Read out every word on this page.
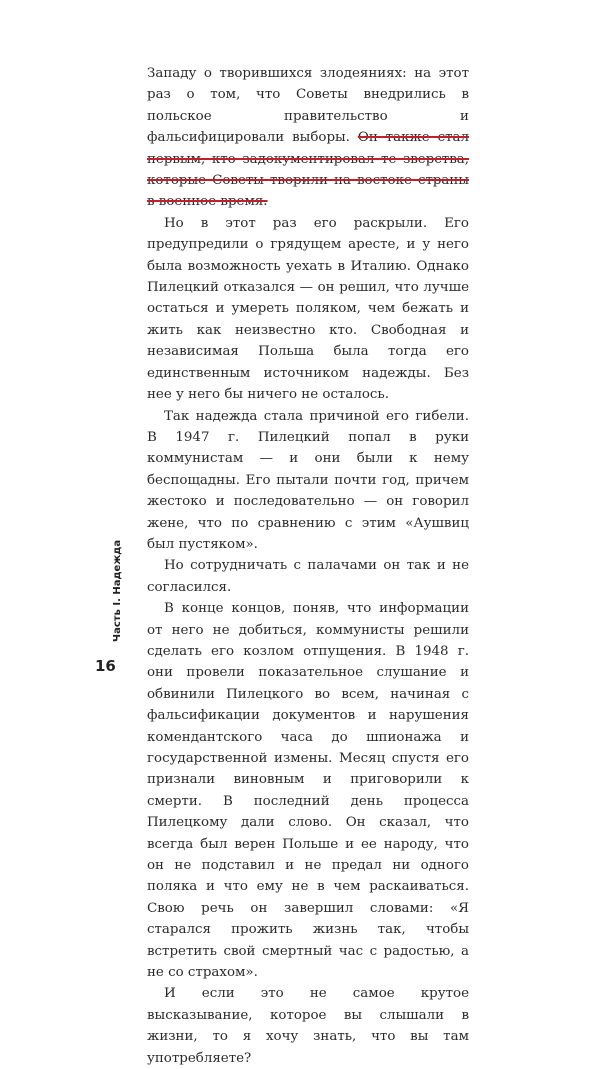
Западу о творившихся злодеяниях: на этот раз о том, что Советы внедрились в польское правительство и фальсифицировали выборы. Он также стал первым, кто задокументировал те зверства, которые Советы творили на востоке страны в военное время.

Но в этот раз его раскрыли. Его предупредили о грядущем аресте, и у него была возможность уехать в Италию. Однако Пилецкий отказался — он решил, что лучше остаться и умереть поляком, чем бежать и жить как неизвестно кто. Свободная и независимая Польша была тогда его единственным источником надежды. Без нее у него бы ничего не осталось.

Так надежда стала причиной его гибели. В 1947 г. Пилецкий попал в руки коммунистам — и они были к нему беспощадны. Его пытали почти год, причем жестоко и последовательно — он говорил жене, что по сравнению с этим «Аушвиц был пустяком».

Но сотрудничать с палачами он так и не согласился.

В конце концов, поняв, что информации от него не добиться, коммунисты решили сделать его козлом отпущения. В 1948 г. они провели показательное слушание и обвинили Пилецкого во всем, начиная с фальсификации документов и нарушения комендантского часа до шпионажа и государственной измены. Месяц спустя его признали виновным и приговорили к смерти. В последний день процесса Пилецкому дали слово. Он сказал, что всегда был верен Польше и ее народу, что он не подставил и не предал ни одного поляка и что ему не в чем раскаиваться. Свою речь он завершил словами: «Я старался прожить жизнь так, чтобы встретить свой смертный час с радостью, а не со страхом».

И если это не самое крутое высказывание, которое вы слышали в жизни, то я хочу знать, что вы там употребляете?

Часть I. Надежда
16
